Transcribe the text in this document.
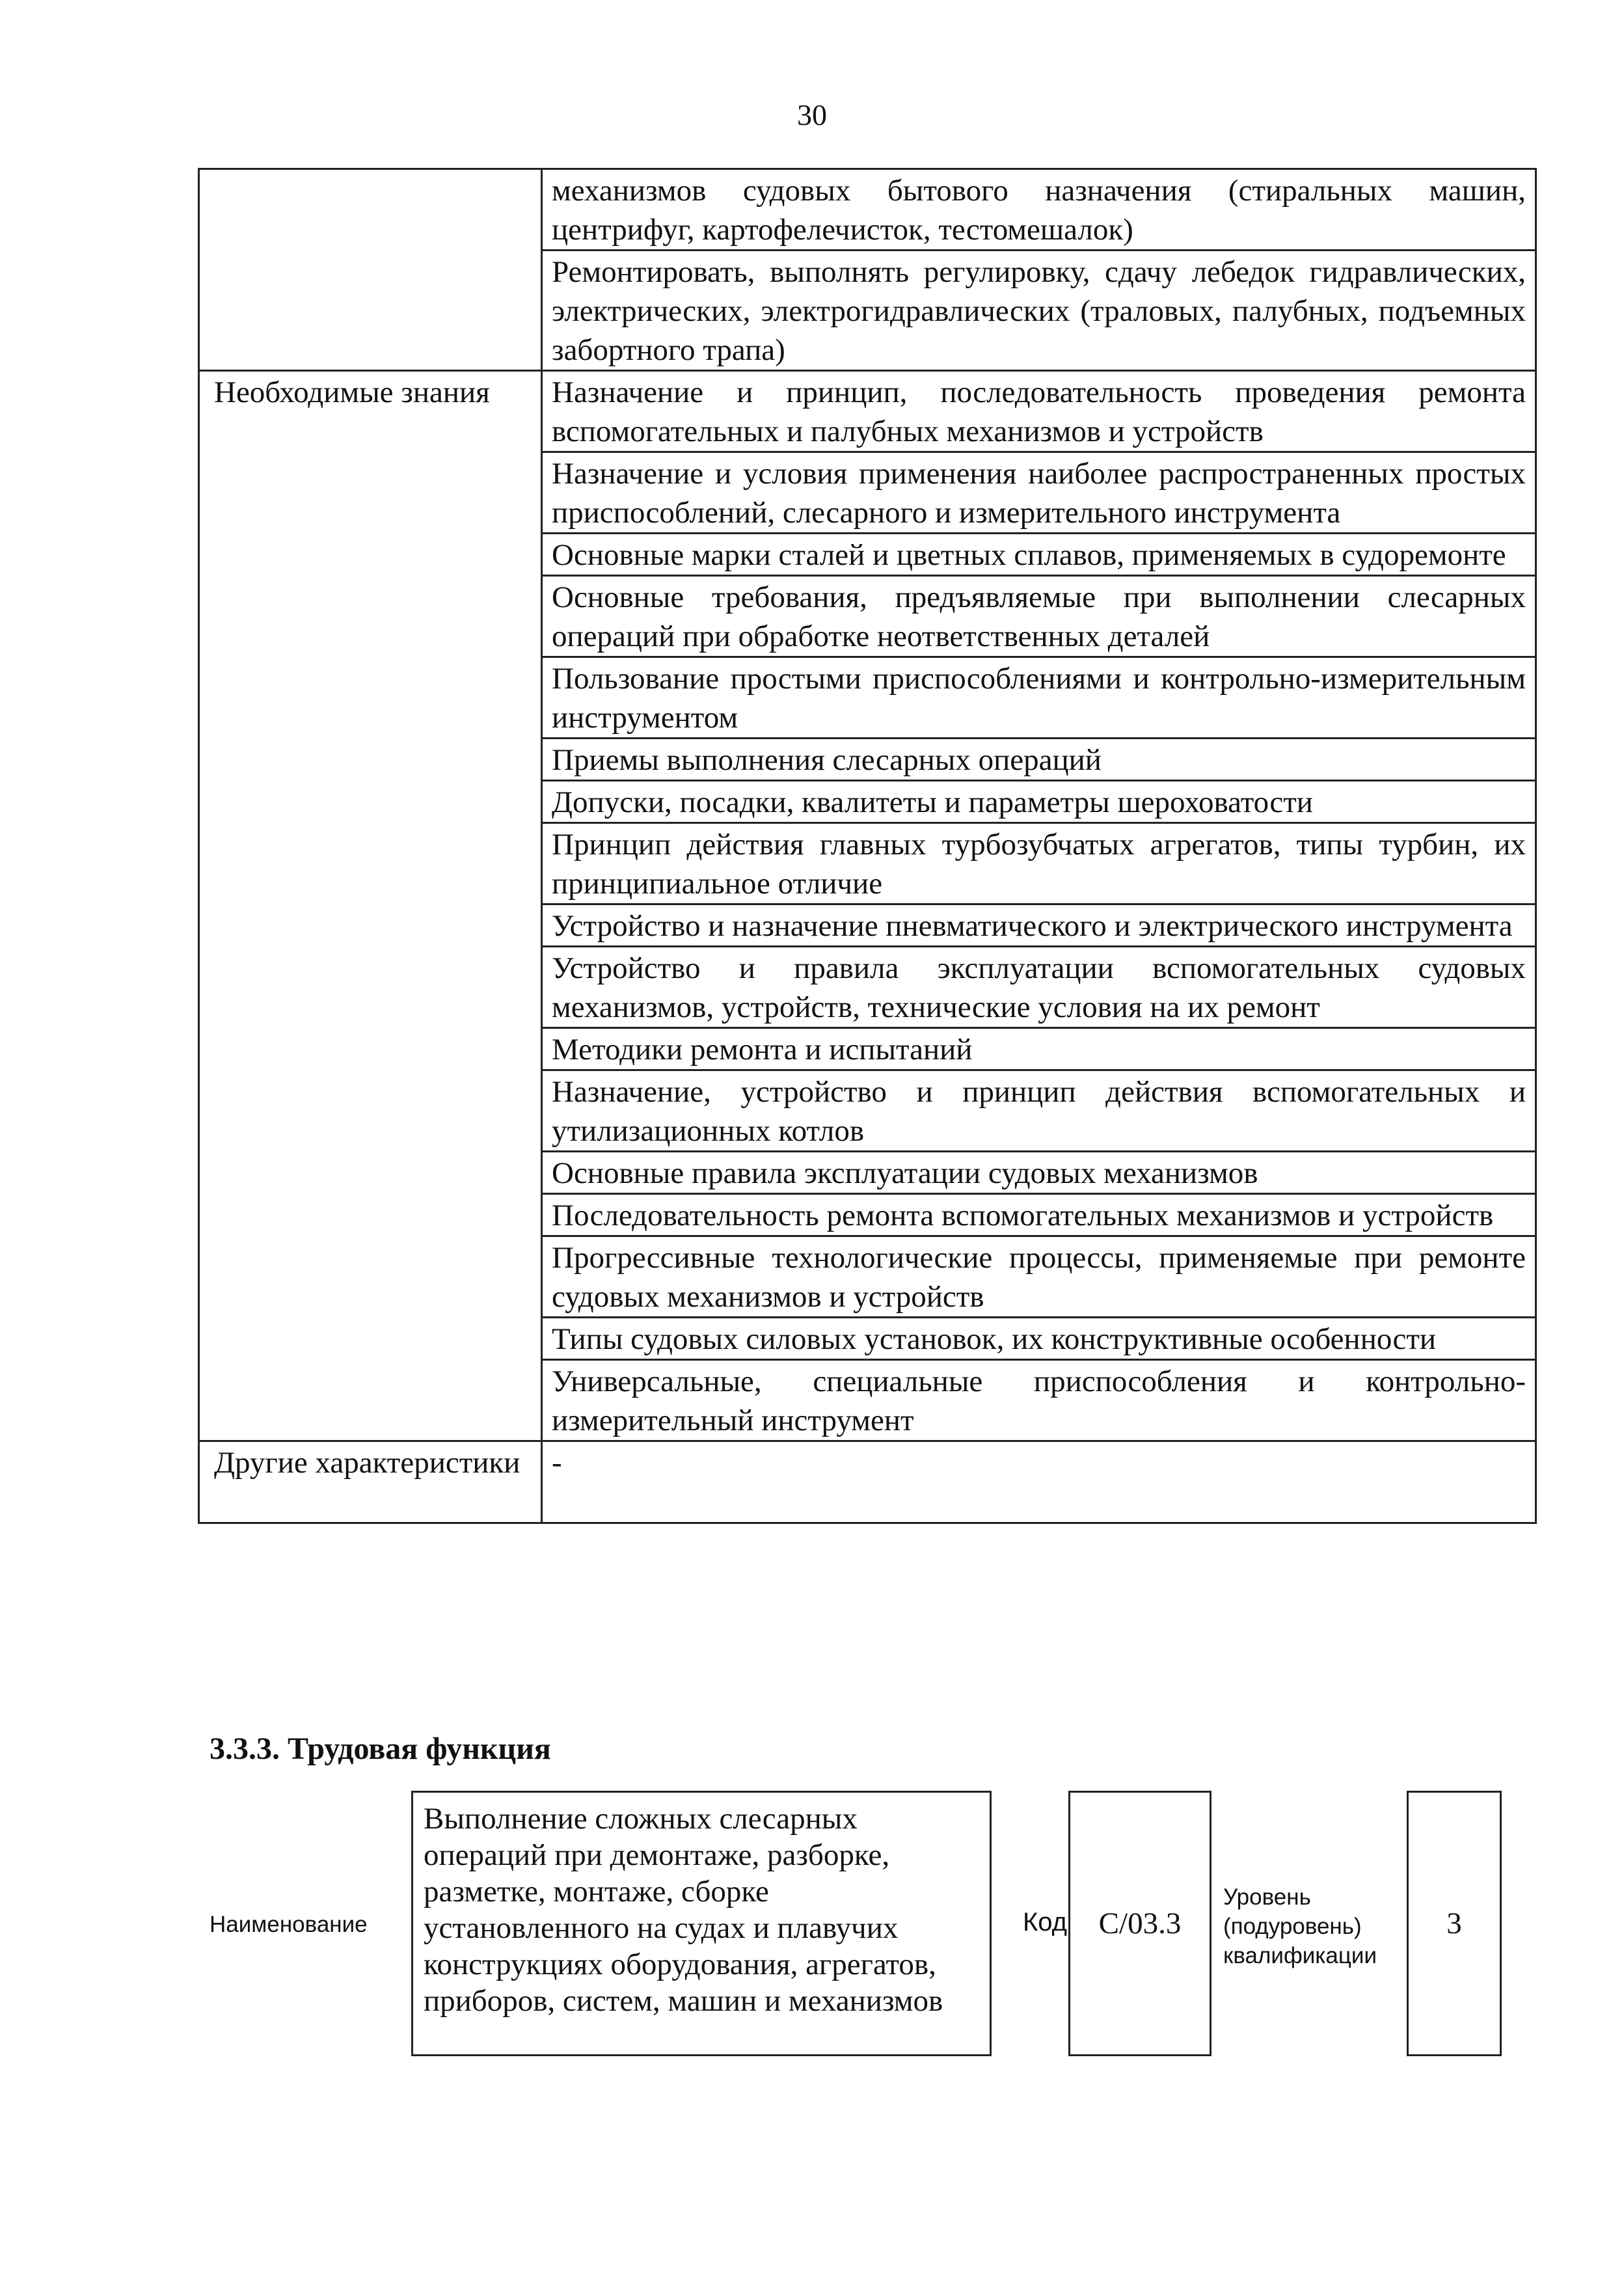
30
	механизмов судовых бытового назначения (стиральных машин, центрифуг, картофелечисток, тестомешалок)
	Ремонтировать, выполнять регулировку, сдачу лебедок гидравлических, электрических, электрогидравлических (траловых, палубных, подъемных забортного трапа)
Необходимые знания	Назначение и принцип, последовательность проведения ремонта вспомогательных и палубных механизмов и устройств
	Назначение и условия применения наиболее распространенных простых приспособлений, слесарного и измерительного инструмента
	Основные марки сталей и цветных сплавов, применяемых в судоремонте
	Основные требования, предъявляемые при выполнении слесарных операций при обработке неответственных деталей
	Пользование простыми приспособлениями и контрольно-измерительным инструментом
	Приемы выполнения слесарных операций
	Допуски, посадки, квалитеты и параметры шероховатости
	Принцип действия главных турбозубчатых агрегатов, типы турбин, их принципиальное отличие
	Устройство и назначение пневматического и электрического инструмента
	Устройство и правила эксплуатации вспомогательных судовых механизмов, устройств, технические условия на их ремонт
	Методики ремонта и испытаний
	Назначение, устройство и принцип действия вспомогательных и утилизационных котлов
	Основные правила эксплуатации судовых механизмов
	Последовательность ремонта вспомогательных механизмов и устройств
	Прогрессивные технологические процессы, применяемые при ремонте судовых механизмов и устройств
	Типы судовых силовых установок, их конструктивные особенности
	Универсальные, специальные приспособления и контрольно-измерительный инструмент
Другие характеристики	-
3.3.3. Трудовая функция
Наименование
Выполнение сложных слесарных операций при демонтаже, разборке, разметке, монтаже, сборке установленного на судах и плавучих конструкциях оборудования, агрегатов, приборов, систем, машин и механизмов
Код C/03.3
Уровень (подуровень) квалификации
3
